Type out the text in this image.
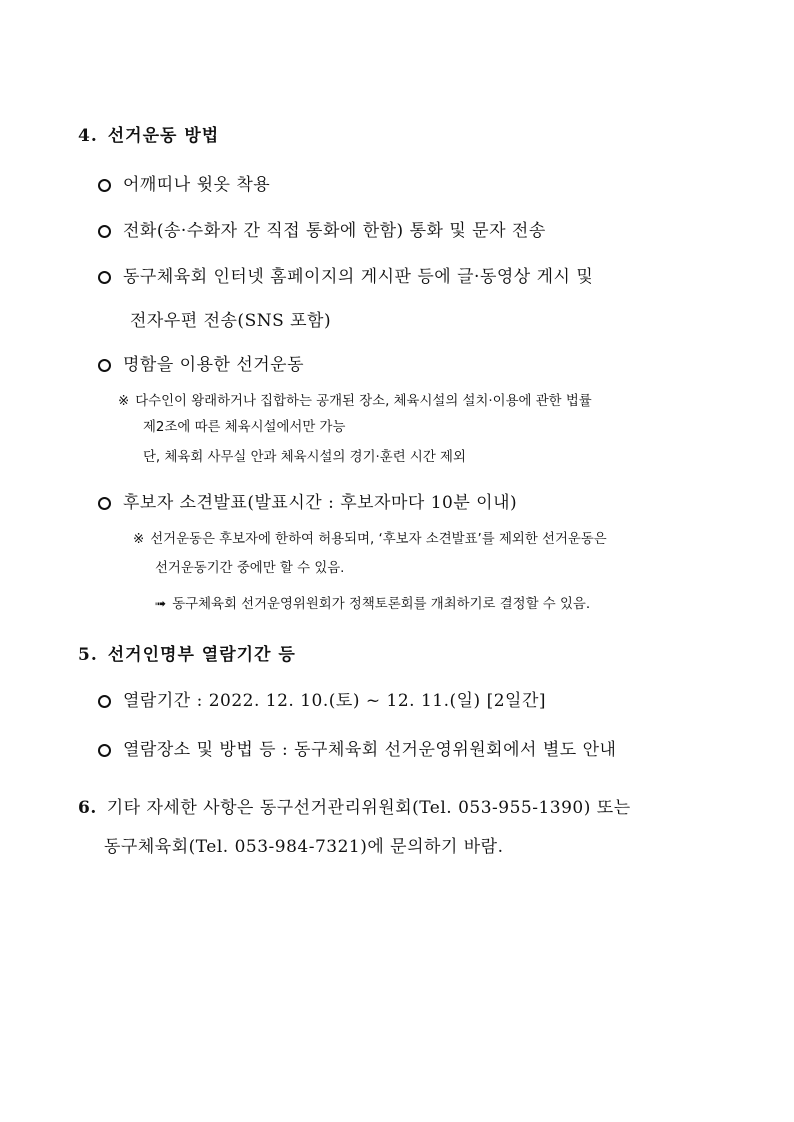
4. 선거운동 방법
어깨띠나 윗옷 착용
전화(송·수화자 간 직접 통화에 한함) 통화 및 문자 전송
동구체육회 인터넷 홈페이지의 게시판 등에 글·동영상 게시 및
전자우편 전송(SNS 포함)
명함을 이용한 선거운동
※ 다수인이 왕래하거나 집합하는 공개된 장소, 체육시설의 설치·이용에 관한 법률
제2조에 따른 체육시설에서만 가능
단, 체육회 사무실 안과 체육시설의 경기·훈련 시간 제외
후보자 소견발표(발표시간 : 후보자마다 10분 이내)
※ 선거운동은 후보자에 한하여 허용되며, ‘후보자 소견발표’를 제외한 선거운동은
선거운동기간 중에만 할 수 있음.
➟ 동구체육회 선거운영위원회가 정책토론회를 개최하기로 결정할 수 있음.
5. 선거인명부 열람기간 등
열람기간 : 2022. 12. 10.(토) ~ 12. 11.(일) [2일간]
열람장소 및 방법 등 : 동구체육회 선거운영위원회에서 별도 안내
6. 기타 자세한 사항은 동구선거관리위원회(Tel. 053-955-1390) 또는
동구체육회(Tel. 053-984-7321)에 문의하기 바람.
